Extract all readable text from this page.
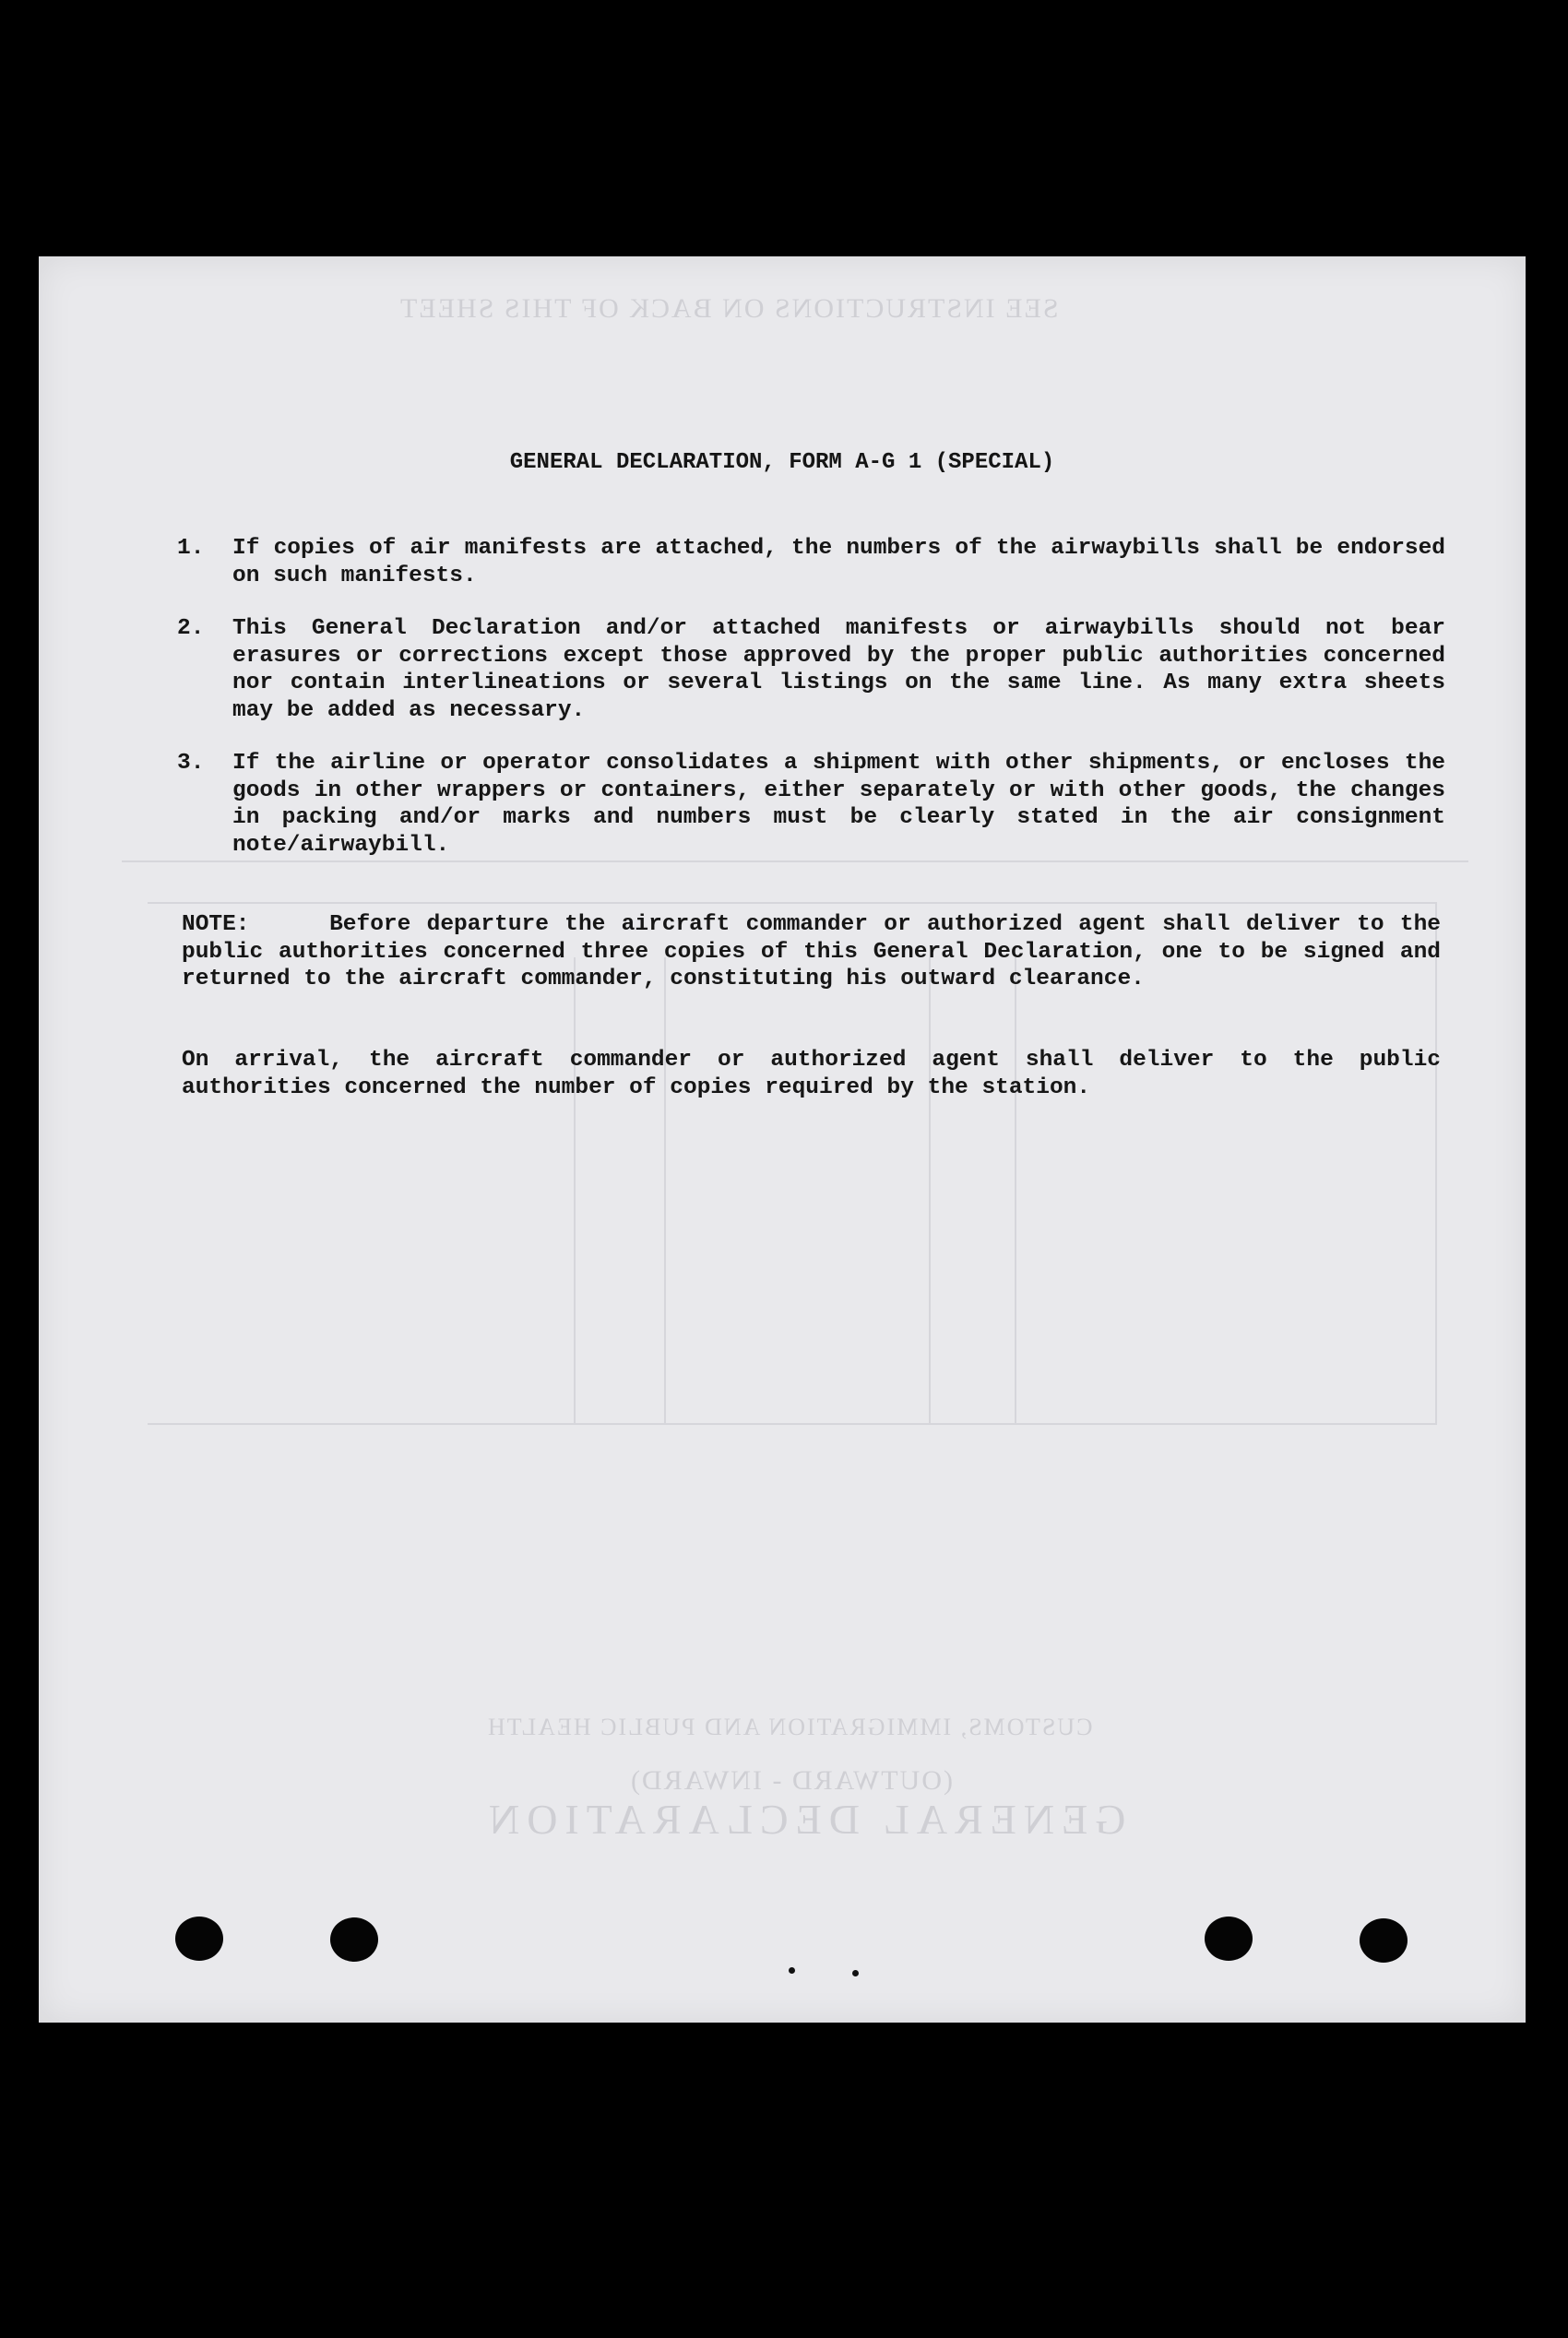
SEE INSTRUCTIONS ON BACK OF THIS SHEET
CUSTOMS, IMMIGRATION AND PUBLIC HEALTH
(OUTWARD - INWARD)
GENERAL DECLARATION
GENERAL DECLARATION, FORM A-G 1 (SPECIAL)
1.	If copies of air manifests are attached, the numbers of the airwaybills shall be endorsed on such manifests.
2.	This General Declaration and/or attached manifests or airwaybills should not bear erasures or corrections except those approved by the proper public authorities concerned nor contain interlineations or several listings on the same line. As many extra sheets may be added as necessary.
3.	If the airline or operator consolidates a shipment with other shipments, or encloses the goods in other wrappers or containers, either separately or with other goods, the changes in packing and/or marks and numbers must be clearly stated in the air consignment note/airwaybill.
NOTE:	Before departure the aircraft commander or authorized agent shall deliver to the public authorities concerned three copies of this General Declaration, one to be signed and returned to the aircraft commander, constituting his outward clearance.
On arrival, the aircraft commander or authorized agent shall deliver to the public authorities concerned the number of copies required by the station.
